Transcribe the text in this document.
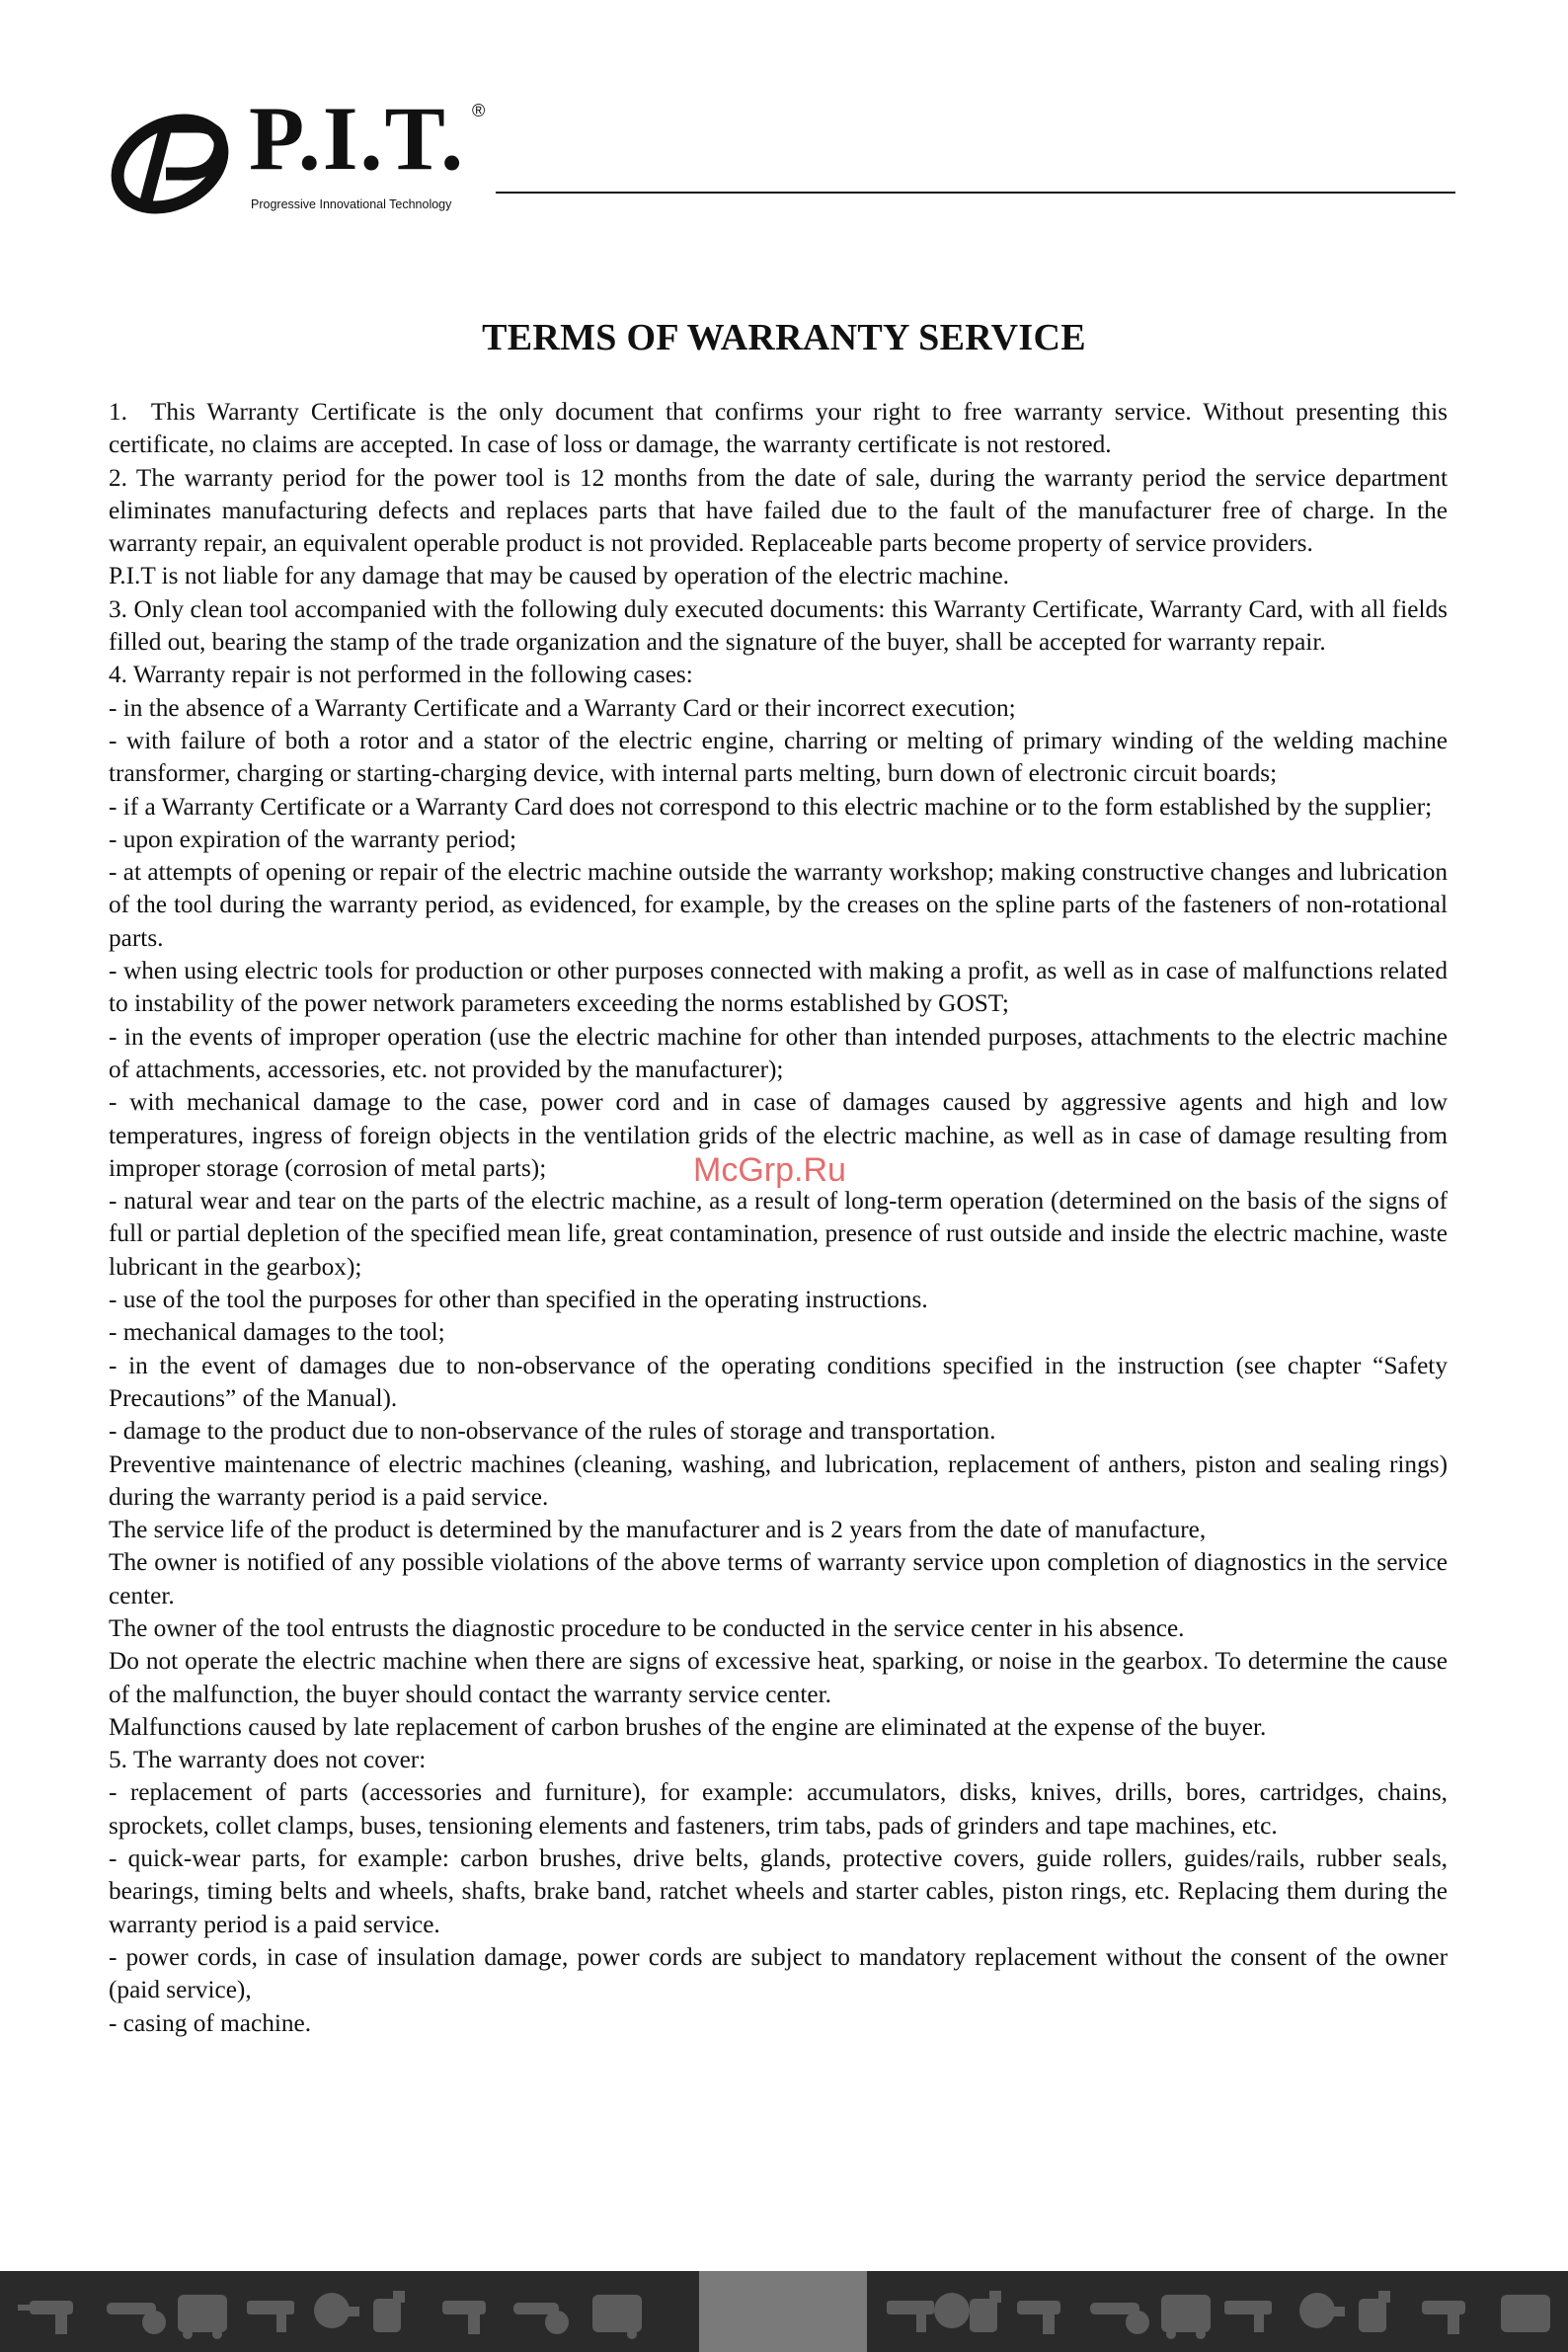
P.I.T. ®
Progressive Innovational Technology
TERMS OF WARRANTY SERVICE

1.  This Warranty Certificate is the only document that confirms your right to free warranty service. Without presenting this certificate, no claims are accepted. In case of loss or damage, the warranty certificate is not restored.

2. The warranty period for the power tool is 12 months from the date of sale, during the warranty period the service department eliminates manufacturing defects and replaces parts that have failed due to the fault of the manufacturer free of charge. In the warranty repair, an equivalent operable product is not provided. Replaceable parts become property of service providers.

P.I.T is not liable for any damage that may be caused by operation of the electric machine.

3. Only clean tool accompanied with the following duly executed documents: this Warranty Certificate, Warranty Card, with all fields filled out, bearing the stamp of the trade organization and the signature of the buyer, shall be accepted for warranty repair.

4. Warranty repair is not performed in the following cases:

- in the absence of a Warranty Certificate and a Warranty Card or their incorrect execution;

- with failure of both a rotor and a stator of the electric engine, charring or melting of primary winding of the welding machine transformer, charging or starting-charging device, with internal parts melting, burn down of electronic circuit boards;

- if a Warranty Certificate or a Warranty Card does not correspond to this electric machine or to the form established by the supplier;

- upon expiration of the warranty period;

- at attempts of opening or repair of the electric machine outside the warranty workshop; making constructive changes and lubrication of the tool during the warranty period, as evidenced, for example, by the creases on the spline parts of the fasteners of non-rotational parts.

- when using electric tools for production or other purposes connected with making a profit, as well as in case of malfunctions related to instability of the power network parameters exceeding the norms established by GOST;

- in the events of improper operation (use the electric machine for other than intended purposes, attachments to the electric machine of attachments, accessories, etc. not provided by the manufacturer);

- with mechanical damage to the case, power cord and in case of damages caused by aggressive agents and high and low temperatures, ingress of foreign objects in the ventilation grids of the electric machine, as well as in case of damage resulting from improper storage (corrosion of metal parts);

- natural wear and tear on the parts of the electric machine, as a result of long-term operation (determined on the basis of the signs of full or partial depletion of the specified mean life, great contamination, presence of rust outside and inside the electric machine, waste lubricant in the gearbox);

- use of the tool the purposes for other than specified in the operating instructions.

- mechanical damages to the tool;

- in the event of damages due to non-observance of the operating conditions specified in the instruction (see chapter “Safety Precautions” of the Manual).

- damage to the product due to non-observance of the rules of storage and transportation.

Preventive maintenance of electric machines (cleaning, washing, and lubrication, replacement of anthers, piston and sealing rings) during the warranty period is a paid service.

The service life of the product is determined by the manufacturer and is 2 years from the date of manufacture,

The owner is notified of any possible violations of the above terms of warranty service upon completion of diagnostics in the service center.

The owner of the tool entrusts the diagnostic procedure to be conducted in the service center in his absence.

Do not operate the electric machine when there are signs of excessive heat, sparking, or noise in the gearbox. To determine the cause of the malfunction, the buyer should contact the warranty service center.

Malfunctions caused by late replacement of carbon brushes of the engine are eliminated at the expense of the buyer.

5. The warranty does not cover:

- replacement of parts (accessories and furniture), for example: accumulators, disks, knives, drills, bores, cartridges, chains, sprockets, collet clamps, buses, tensioning elements and fasteners, trim tabs, pads of grinders and tape machines, etc.

- quick-wear parts, for example: carbon brushes, drive belts, glands, protective covers, guide rollers, guides/rails, rubber seals, bearings, timing belts and wheels, shafts, brake band, ratchet wheels and starter cables, piston rings, etc. Replacing them during the warranty period is a paid service.

- power cords, in case of insulation damage, power cords are subject to mandatory replacement without the consent of the owner (paid service),

- casing of machine.

McGrp.Ru
